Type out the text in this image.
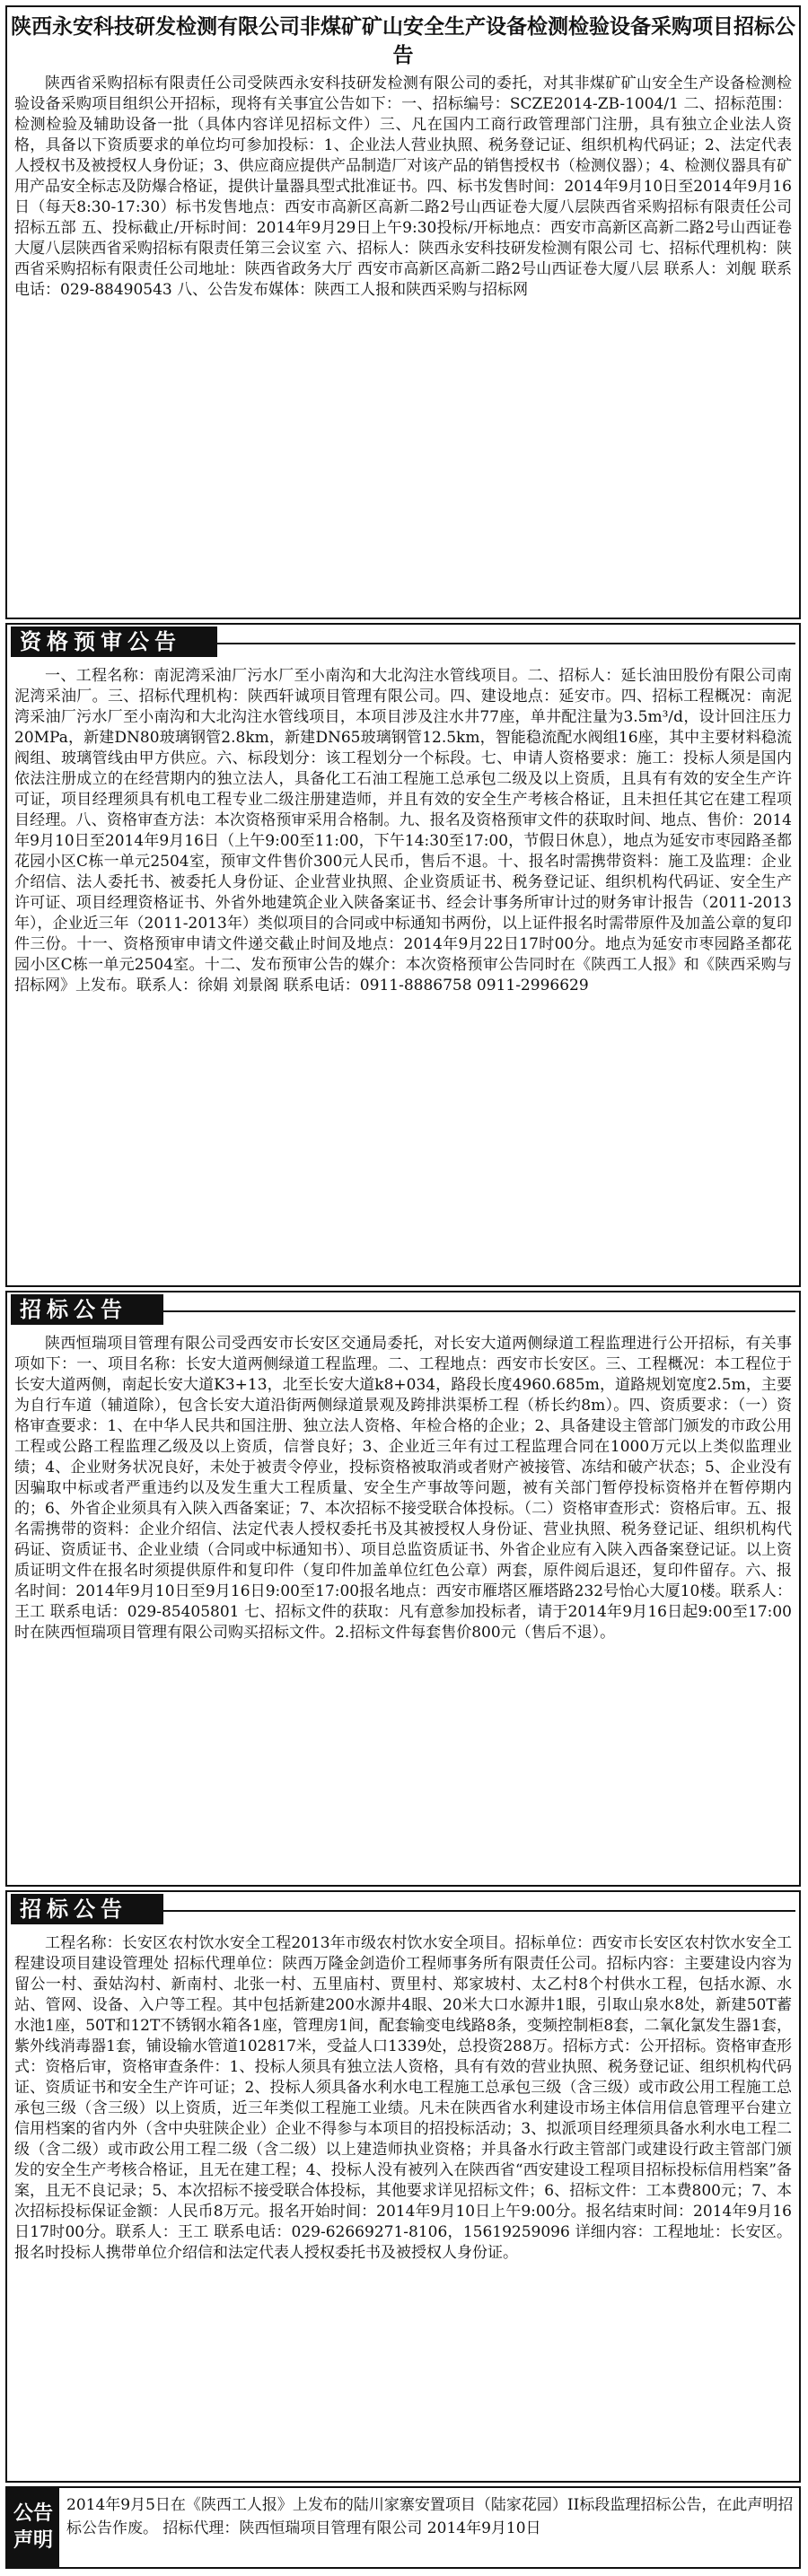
陕西永安科技研发检测有限公司非煤矿矿山安全生产设备检测检验设备采购项目招标公告

陕西省采购招标有限责任公司受陕西永安科技研发检测有限公司的委托，对其非煤矿矿山安全生产设备检测检验设备采购项目组织公开招标，现将有关事宜公告如下：一、招标编号：SCZE2014-ZB-1004/1 二、招标范围：检测检验及辅助设备一批（具体内容详见招标文件）三、凡在国内工商行政管理部门注册，具有独立企业法人资格，具备以下资质要求的单位均可参加投标：1、企业法人营业执照、税务登记证、组织机构代码证；2、法定代表人授权书及被授权人身份证；3、供应商应提供产品制造厂对该产品的销售授权书（检测仪器）；4、检测仪器具有矿用产品安全标志及防爆合格证，提供计量器具型式批准证书。四、标书发售时间：2014年9月10日至2014年9月16日（每天8:30-17:30）标书发售地点：西安市高新区高新二路2号山西证卷大厦八层陕西省采购招标有限责任公司招标五部 五、投标截止/开标时间：2014年9月29日上午9:30投标/开标地点：西安市高新区高新二路2号山西证卷大厦八层陕西省采购招标有限责任第三会议室 六、招标人：陕西永安科技研发检测有限公司 七、招标代理机构：陕西省采购招标有限责任公司地址：陕西省政务大厅 西安市高新区高新二路2号山西证卷大厦八层 联系人：刘舰 联系电话：029-88490543 八、公告发布媒体：陕西工人报和陕西采购与招标网

资格预审公告

一、工程名称：南泥湾采油厂污水厂至小南沟和大北沟注水管线项目。二、招标人：延长油田股份有限公司南泥湾采油厂。三、招标代理机构：陕西轩诚项目管理有限公司。四、建设地点：延安市。四、招标工程概况：南泥湾采油厂污水厂至小南沟和大北沟注水管线项目，本项目涉及注水井77座，单井配注量为3.5m³/d，设计回注压力20MPa，新建DN80玻璃钢管2.8km，新建DN65玻璃钢管12.5km，智能稳流配水阀组16座，其中主要材料稳流阀组、玻璃管线由甲方供应。六、标段划分：该工程划分一个标段。七、申请人资格要求：施工：投标人须是国内依法注册成立的在经营期内的独立法人，具备化工石油工程施工总承包二级及以上资质，且具有有效的安全生产许可证，项目经理须具有机电工程专业二级注册建造师，并且有效的安全生产考核合格证，且未担任其它在建工程项目经理。八、资格审查方法：本次资格预审采用合格制。九、报名及资格预审文件的获取时间、地点、售价：2014年9月10日至2014年9月16日（上午9:00至11:00，下午14:30至17:00，节假日休息），地点为延安市枣园路圣都花园小区C栋一单元2504室，预审文件售价300元人民币，售后不退。十、报名时需携带资料：施工及监理：企业介绍信、法人委托书、被委托人身份证、企业营业执照、企业资质证书、税务登记证、组织机构代码证、安全生产许可证、项目经理资格证书、外省外地建筑企业入陕备案证书、经会计事务所审计过的财务审计报告（2011-2013年），企业近三年（2011-2013年）类似项目的合同或中标通知书两份，以上证件报名时需带原件及加盖公章的复印件三份。十一、资格预审申请文件递交截止时间及地点：2014年9月22日17时00分。地点为延安市枣园路圣都花园小区C栋一单元2504室。十二、发布预审公告的媒介：本次资格预审公告同时在《陕西工人报》和《陕西采购与招标网》上发布。联系人：徐娟 刘景阁 联系电话：0911-8886758 0911-2996629

招标公告

陕西恒瑞项目管理有限公司受西安市长安区交通局委托，对长安大道两侧绿道工程监理进行公开招标，有关事项如下：一、项目名称：长安大道两侧绿道工程监理。二、工程地点：西安市长安区。三、工程概况：本工程位于长安大道两侧，南起长安大道K3+13，北至长安大道k8+034，路段长度4960.685m，道路规划宽度2.5m，主要为自行车道（辅道除），包含长安大道沿街两侧绿道景观及跨排洪渠桥工程（桥长约8m）。四、资质要求：（一）资格审查要求：1、在中华人民共和国注册、独立法人资格、年检合格的企业；2、具备建设主管部门颁发的市政公用工程或公路工程监理乙级及以上资质，信誉良好；3、企业近三年有过工程监理合同在1000万元以上类似监理业绩；4、企业财务状况良好，未处于被责令停业，投标资格被取消或者财产被接管、冻结和破产状态；5、企业没有因骗取中标或者严重违约以及发生重大工程质量、安全生产事故等问题，被有关部门暂停投标资格并在暂停期内的；6、外省企业须具有入陕入西备案证；7、本次招标不接受联合体投标。（二）资格审查形式：资格后审。五、报名需携带的资料：企业介绍信、法定代表人授权委托书及其被授权人身份证、营业执照、税务登记证、组织机构代码证、资质证书、企业业绩（合同或中标通知书）、项目总监资质证书、外省企业应有入陕入西备案登记证。以上资质证明文件在报名时须提供原件和复印件（复印件加盖单位红色公章）两套，原件阅后退还，复印件留存。六、报名时间：2014年9月10日至9月16日9:00至17:00报名地点：西安市雁塔区雁塔路232号怡心大厦10楼。联系人：王工 联系电话：029-85405801 七、招标文件的获取：凡有意参加投标者，请于2014年9月16日起9:00至17:00时在陕西恒瑞项目管理有限公司购买招标文件。2.招标文件每套售价800元（售后不退）。

招标公告

工程名称：长安区农村饮水安全工程2013年市级农村饮水安全项目。招标单位：西安市长安区农村饮水安全工程建设项目建设管理处 招标代理单位：陕西万隆金剑造价工程师事务所有限责任公司。招标内容：主要建设内容为留公一村、蚕姑沟村、新南村、北张一村、五里庙村、贾里村、郑家坡村、太乙村8个村供水工程，包括水源、水站、管网、设备、入户等工程。其中包括新建200水源井4眼、20米大口水源井1眼，引取山泉水8处，新建50T蓄水池1座，50T和12T不锈钢水箱各1座，管理房1间，配套输变电线路8条，变频控制柜8套，二氧化氯发生器1套，紫外线消毒器1套，铺设输水管道102817米，受益人口1339处，总投资288万。招标方式：公开招标。资格审查形式：资格后审，资格审查条件：1、投标人须具有独立法人资格，具有有效的营业执照、税务登记证、组织机构代码证、资质证书和安全生产许可证；2、投标人须具备水利水电工程施工总承包三级（含三级）或市政公用工程施工总承包三级（含三级）以上资质，近三年类似工程施工业绩。凡未在陕西省水利建设市场主体信用信息管理平台建立信用档案的省内外（含中央驻陕企业）企业不得参与本项目的招投标活动；3、拟派项目经理须具备水利水电工程二级（含二级）或市政公用工程二级（含二级）以上建造师执业资格；并具备水行政主管部门或建设行政主管部门颁发的安全生产考核合格证，且无在建工程；4、投标人没有被列入在陕西省“西安建设工程项目招标投标信用档案”备案，且无不良记录；5、本次招标不接受联合体投标，其他要求详见招标文件；6、招标文件：工本费800元；7、本次招标投标保证金额：人民币8万元。报名开始时间：2014年9月10日上午9:00分。报名结束时间：2014年9月16日17时00分。联系人：王工 联系电话：029-62669271-8106，15619259096 详细内容：工程地址：长安区。报名时投标人携带单位介绍信和法定代表人授权委托书及被授权人身份证。

公告
声明
2014年9月5日在《陕西工人报》上发布的陆川家寨安置项目（陆家花园）II标段监理招标公告，在此声明招标公告作废。 招标代理：陕西恒瑞项目管理有限公司 2014年9月10日
